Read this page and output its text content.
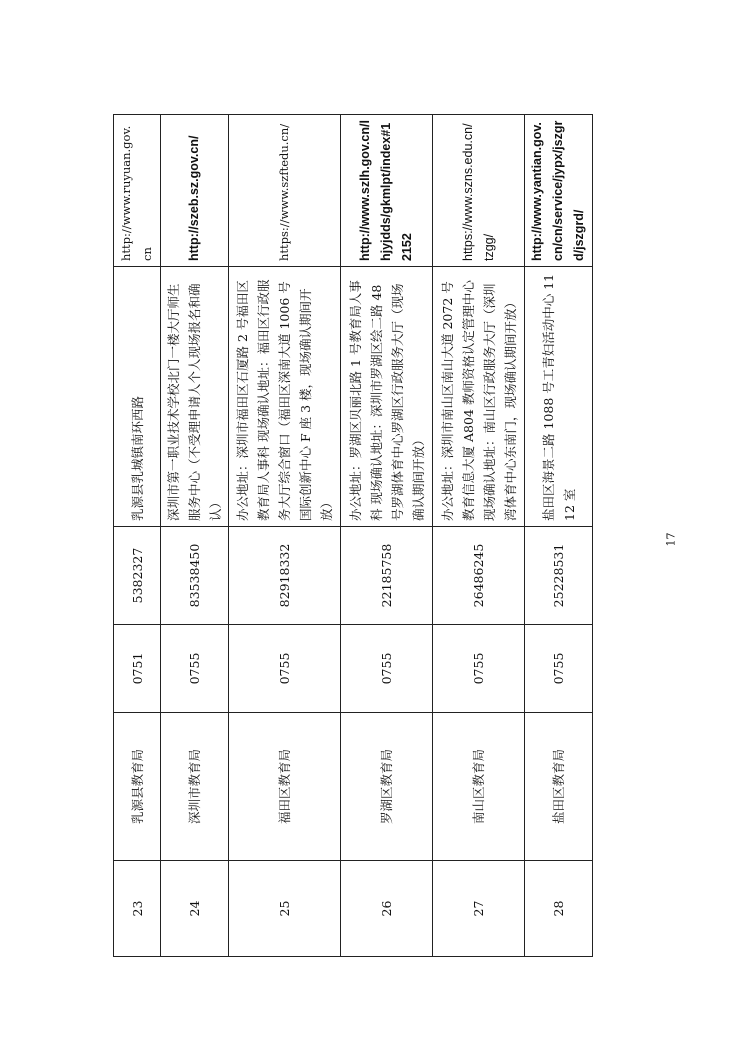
23	乳源县教育局	0751	5382327	乳源县乳城镇南环西路	http://www.ruyuan.gov.cn
24	深圳市教育局	0755	83538450	深圳市第一职业技术学校北门一楼大厅师生服务中心（不受理申请人个人现场报名和确认）	http://szeb.sz.gov.cn/
25	福田区教育局	0755	82918332	办公地址：深圳市福田区石厦路 2 号福田区教育局人事科 现场确认地址：福田区行政服务大厅综合窗口（福田区深南大道 1006 号国际创新中心 F 座 3 楼，现场确认期间开放）	https://www.szftedu.cn/
26	罗湖区教育局	0755	22185758	办公地址：罗湖区贝丽北路 1 号教育局人事科 现场确认地址：深圳市罗湖区绘二路 48 号罗湖体育中心罗湖区行政服务大厅（现场确认期间开放）	http://www.szlh.gov.cn/lhjyjdds/gkmlpt/index#12152
27	南山区教育局	0755	26486245	办公地址：深圳市南山区南山大道 2072 号教育信息大厦 A804 教师资格认定管理中心 现场确认地址：南山区行政服务大厅（深圳湾体育中心东南门，现场确认期间开放）	https://www.szns.edu.cn/tzgg/
28	盐田区教育局	0755	25228531	盐田区海景二路 1088 号工青妇活动中心 1112 室	http://www.yantian.gov.cn/cn/service/jypx/jszgrd/jszgrd/
17
